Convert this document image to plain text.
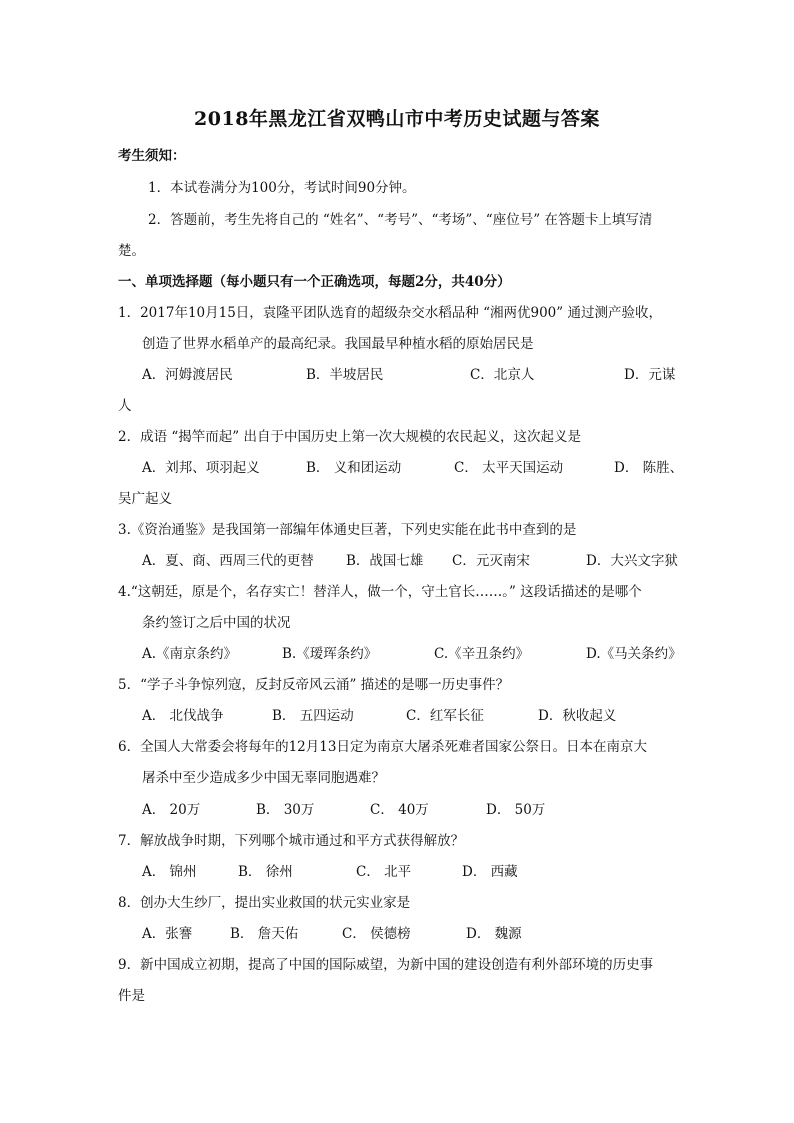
2018年黑龙江省双鸭山市中考历史试题与答案
考生须知：
1．本试卷满分为100分，考试时间90分钟。
2．答题前，考生先将自己的 “姓名”、“考号”、“考场”、“座位号” 在答题卡上填写清
楚。
一、单项选择题（每小题只有一个正确选项，每题2分，共40分）
1．2017年10月15日，袁隆平团队选育的超级杂交水稻品种 “湘两优900” 通过测产验收，
创造了世界水稻单产的最高纪录。我国最早种植水稻的原始居民是
A．河姆渡居民	B．半坡居民	C．北京人	D．元谋
人
2．成语 “揭竿而起” 出自于中国历史上第一次大规模的农民起义，这次起义是
A．刘邦、项羽起义	B． 义和团运动	C． 太平天国运动	D． 陈胜、
吴广起义
3.《资治通鉴》是我国第一部编年体通史巨著，下列史实能在此书中查到的是
A．夏、商、西周三代的更替 B．战国七雄 C．元灭南宋	D．大兴文字狱
4.“这朝廷，原是个，名存实亡！替洋人，做一个，守土官长……。” 这段话描述的是哪个
条约签订之后中国的状况
A.《南京条约》	B.《瑷珲条约》	C.《辛丑条约》	D.《马关条约》
5．“学子斗争惊列寇，反封反帝风云涌” 描述的是哪一历史事件？
A． 北伐战争	B． 五四运动	C．红军长征	D．秋收起义
6．全国人大常委会将每年的12月13日定为南京大屠杀死难者国家公祭日。日本在南京大
屠杀中至少造成多少中国无辜同胞遇难？
A． 20万	B． 30万	C． 40万	D． 50万
7．解放战争时期，下列哪个城市通过和平方式获得解放？
A． 锦州	B． 徐州	C． 北平	D． 西藏
8．创办大生纱厂，提出实业救国的状元实业家是
A．张謇	B． 詹天佑	C． 侯德榜	D． 魏源
9．新中国成立初期，提高了中国的国际威望，为新中国的建设创造有利外部环境的历史事
件是
